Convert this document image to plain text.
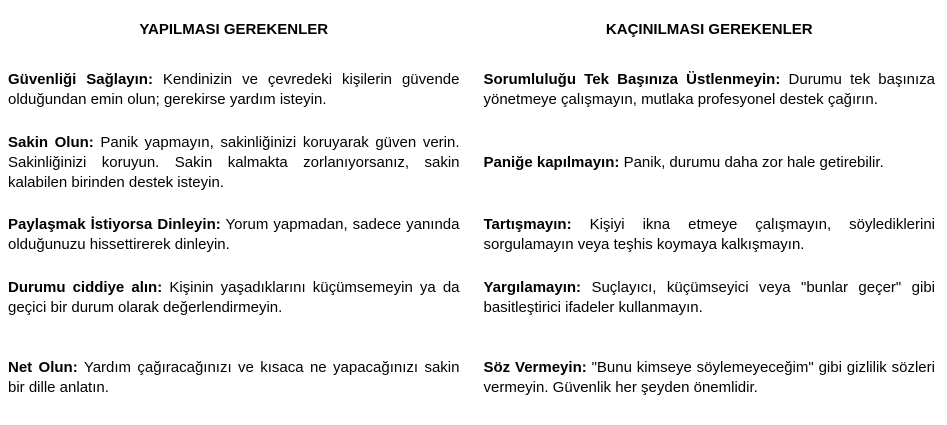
YAPILMASI GEREKENLER	KAÇINILMASI GEREKENLER

Güvenliği Sağlayın: Kendinizin ve çevredeki kişilerin güvende olduğundan emin olun; gerekirse yardım isteyin.

Sorumluluğu Tek Başınıza Üstlenmeyin: Durumu tek başınıza yönetmeye çalışmayın, mutlaka profesyonel destek çağırın.

Sakin Olun: Panik yapmayın, sakinliğinizi koruyarak güven verin. Sakinliğinizi koruyun. Sakin kalmakta zorlanıyorsanız, sakin kalabilen birinden destek isteyin.

Paniğe kapılmayın: Panik, durumu daha zor hale getirebilir.

Paylaşmak İstiyorsa Dinleyin: Yorum yapmadan, sadece yanında olduğunuzu hissettirerek dinleyin.

Tartışmayın: Kişiyi ikna etmeye çalışmayın, söylediklerini sorgulamayın veya teşhis koymaya kalkışmayın.

Durumu ciddiye alın: Kişinin yaşadıklarını küçümsemeyin ya da geçici bir durum olarak değerlendirmeyin.

Yargılamayın: Suçlayıcı, küçümseyici veya "bunlar geçer" gibi basitleştirici ifadeler kullanmayın.

Net Olun: Yardım çağıracağınızı ve kısaca ne yapacağınızı sakin bir dille anlatın.

Söz Vermeyin: "Bunu kimseye söylemeyeceğim" gibi gizlilik sözleri vermeyin. Güvenlik her şeyden önemlidir.
